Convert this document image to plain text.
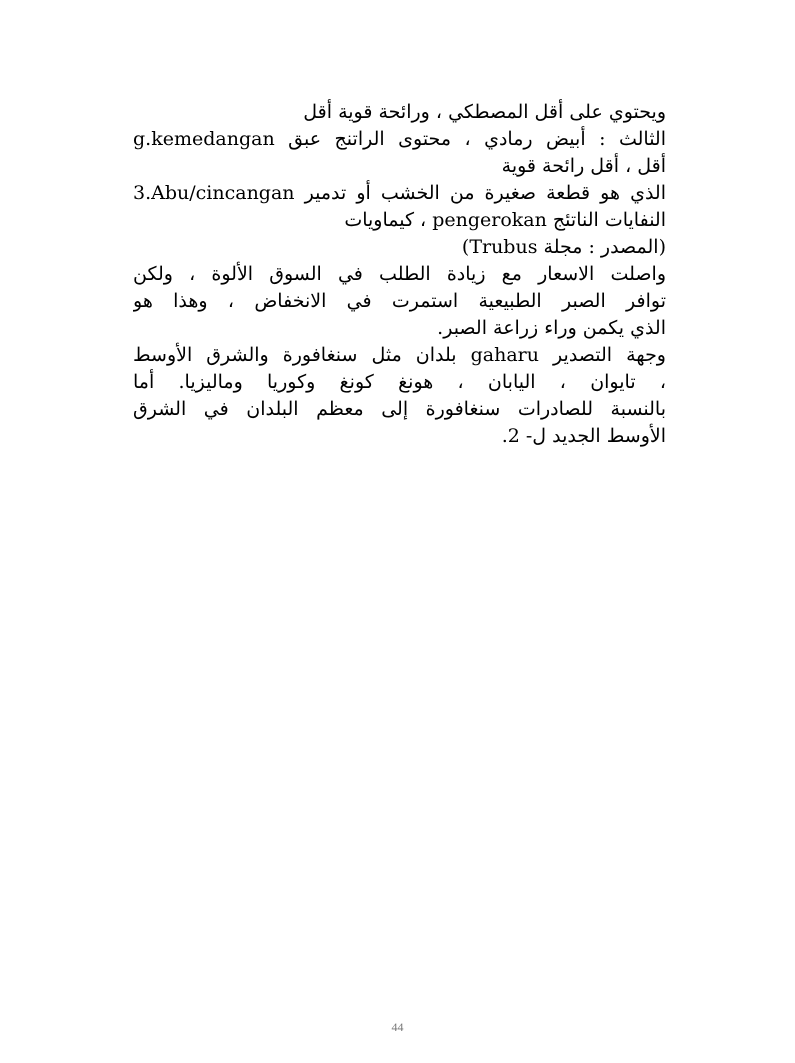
ويحتوي على أقل المصطكي ، ورائحة قوية أقل
g.kemedangan الثالث : أبيض رمادي ، محتوى الراتنج عبق
أقل ، أقل رائحة قوية
3.Abu/cincangan الذي هو قطعة صغيرة من الخشب أو تدمير
النفايات الناتئج pengerokan ، كيماويات
(المصدر : مجلة Trubus)
واصلت الاسعار مع زيادة الطلب في السوق الألوة ، ولكن
توافر الصبر الطبيعية استمرت في الانخفاض ، وهذا هو
الذي يكمن وراء زراعة الصبر.
وجهة التصدير gaharu بلدان مثل سنغافورة والشرق الأوسط
، تايوان ، اليابان ، هونغ كونغ وكوريا وماليزيا. أما
بالنسبة للصادرات سنغافورة إلى معظم البلدان في الشرق
الأوسط الجديد ل- 2.
44
